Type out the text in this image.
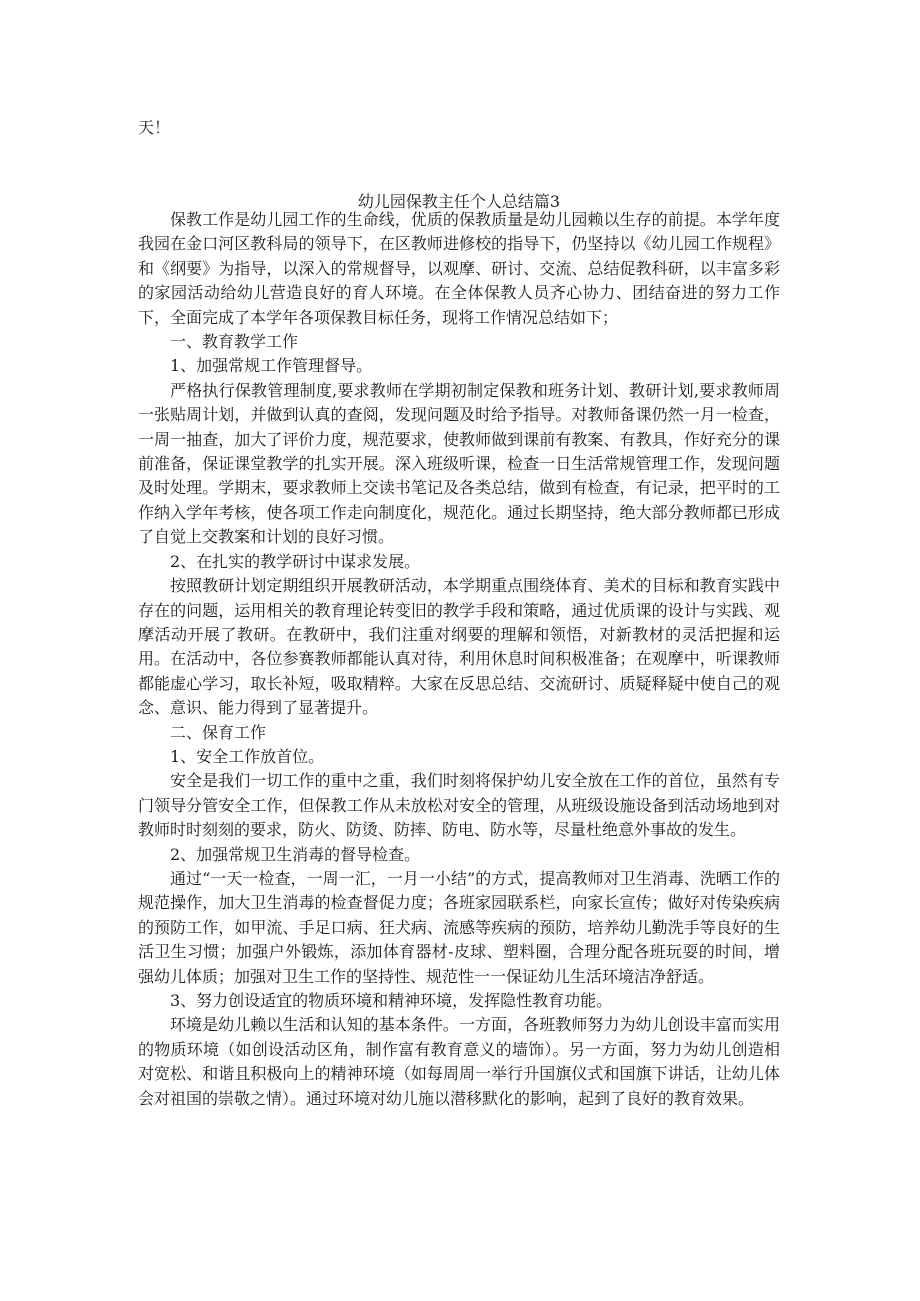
天！
幼儿园保教主任个人总结篇3

保教工作是幼儿园工作的生命线，优质的保教质量是幼儿园赖以生存的前提。本学年度我园在金口河区教科局的领导下，在区教师进修校的指导下，仍坚持以《幼儿园工作规程》和《纲要》为指导，以深入的常规督导，以观摩、研讨、交流、总结促教科研，以丰富多彩的家园活动给幼儿营造良好的育人环境。在全体保教人员齐心协力、团结奋进的努力工作下，全面完成了本学年各项保教目标任务，现将工作情况总结如下；

一、教育教学工作

1、加强常规工作管理督导。

严格执行保教管理制度,要求教师在学期初制定保教和班务计划、教研计划,要求教师周一张贴周计划，并做到认真的查阅，发现问题及时给予指导。对教师备课仍然一月一检查，一周一抽查，加大了评价力度，规范要求，使教师做到课前有教案、有教具，作好充分的课前准备，保证课堂教学的扎实开展。深入班级听课，检查一日生活常规管理工作，发现问题及时处理。学期末，要求教师上交读书笔记及各类总结，做到有检查，有记录，把平时的工作纳入学年考核，使各项工作走向制度化，规范化。通过长期坚持，绝大部分教师都已形成了自觉上交教案和计划的良好习惯。

2、在扎实的教学研讨中谋求发展。

按照教研计划定期组织开展教研活动，本学期重点围绕体育、美术的目标和教育实践中存在的问题，运用相关的教育理论转变旧的教学手段和策略，通过优质课的设计与实践、观摩活动开展了教研。在教研中，我们注重对纲要的理解和领悟，对新教材的灵活把握和运用。在活动中，各位参赛教师都能认真对待，利用休息时间积极准备；在观摩中，听课教师都能虚心学习，取长补短，吸取精粹。大家在反思总结、交流研讨、质疑释疑中使自己的观念、意识、能力得到了显著提升。

二、保育工作

1、安全工作放首位。

安全是我们一切工作的重中之重，我们时刻将保护幼儿安全放在工作的首位，虽然有专门领导分管安全工作，但保教工作从未放松对安全的管理，从班级设施设备到活动场地到对教师时时刻刻的要求，防火、防烫、防摔、防电、防水等，尽量杜绝意外事故的发生。

2、加强常规卫生消毒的督导检查。

通过“一天一检查，一周一汇，一月一小结”的方式，提高教师对卫生消毒、洗晒工作的规范操作，加大卫生消毒的检查督促力度；各班家园联系栏，向家长宣传；做好对传染疾病的预防工作，如甲流、手足口病、狂犬病、流感等疾病的预防，培养幼儿勤洗手等良好的生活卫生习惯；加强户外锻炼，添加体育器材-皮球、塑料圈，合理分配各班玩耍的时间，增强幼儿体质；加强对卫生工作的坚持性、规范性一一保证幼儿生活环境洁净舒适。

3、努力创设适宜的物质环境和精神环境，发挥隐性教育功能。

环境是幼儿赖以生活和认知的基本条件。一方面，各班教师努力为幼儿创设丰富而实用的物质环境（如创设活动区角，制作富有教育意义的墙饰）。另一方面，努力为幼儿创造相对宽松、和谐且积极向上的精神环境（如每周周一举行升国旗仪式和国旗下讲话，让幼儿体会对祖国的崇敬之情）。通过环境对幼儿施以潜移默化的影响，起到了良好的教育效果。
